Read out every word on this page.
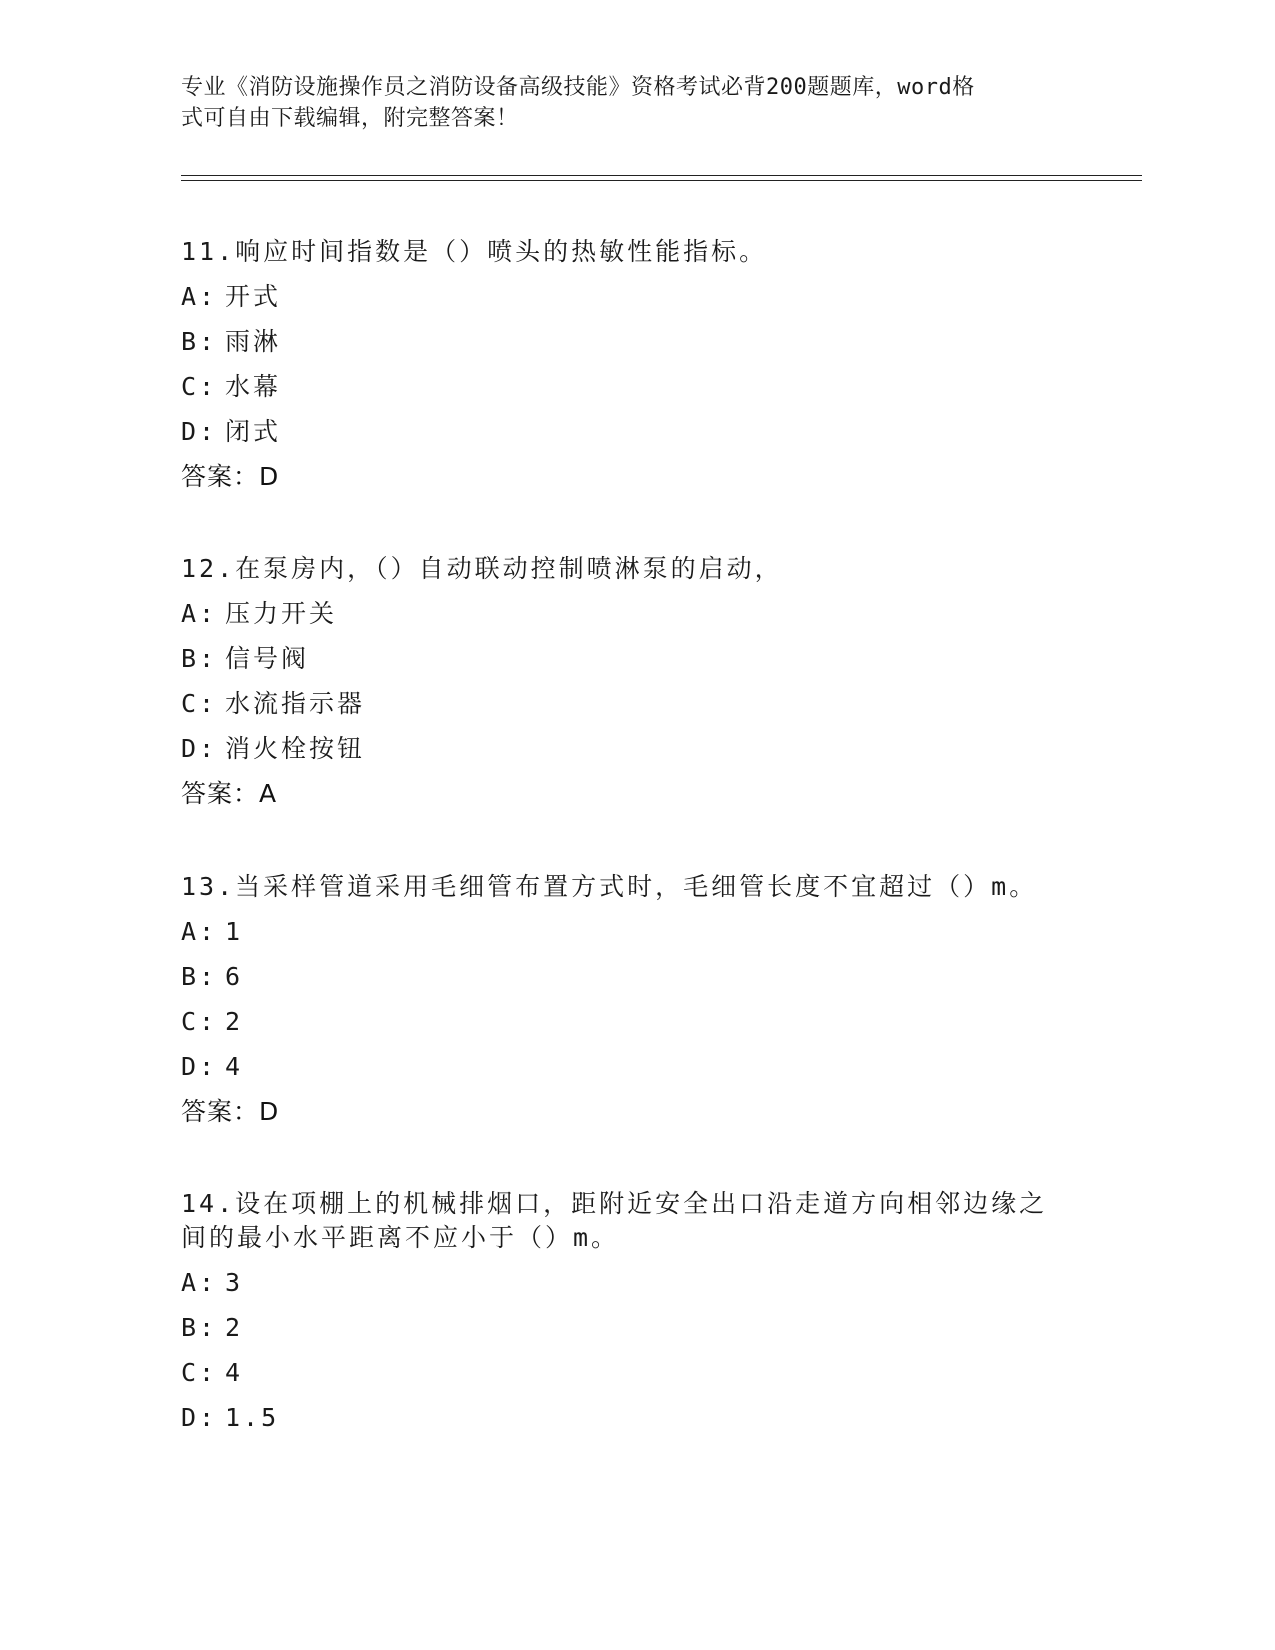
专业《消防设施操作员之消防设备高级技能》资格考试必背200题题库，word格
式可自由下载编辑，附完整答案！
11.响应时间指数是（）喷头的热敏性能指标。
A: 开式
B: 雨淋
C: 水幕
D: 闭式
答案：D
12.在泵房内，（）自动联动控制喷淋泵的启动，
A: 压力开关
B: 信号阀
C: 水流指示器
D: 消火栓按钮
答案：A
13.当采样管道采用毛细管布置方式时，毛细管长度不宜超过（）m。
A: 1
B: 6
C: 2
D: 4
答案：D
14.设在项棚上的机械排烟口，距附近安全出口沿走道方向相邻边缘之
间的最小水平距离不应小于（）m。
A: 3
B: 2
C: 4
D: 1.5
